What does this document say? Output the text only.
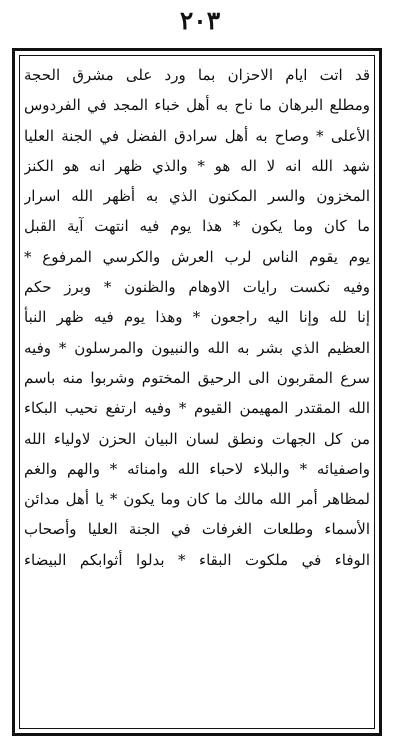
٢٠٣
قد اتت ايام الاحزان بما ورد على مشرق الحجة
ومطلع البرهان ما ناح به أهل خباء المجد في الفردوس
الأعلى * وصاح به أهل سرادق الفضل في الجنة العليا
شهد الله انه لا اله هو * والذي ظهر انه هو الكنز
المخزون والسر المكنون الذي به أظهر الله اسرار
ما كان وما يكون * هذا يوم فيه انتهت آية القبل
يوم يقوم الناس لرب العرش والكرسي المرفوع *
وفيه نكست رايات الاوهام والظنون * وبرز حكم
إنا لله وإنا اليه راجعون * وهذا يوم فيه ظهر النبأ
العظيم الذي بشر به الله والنبيون والمرسلون * وفيه
سرع المقربون الى الرحيق المختوم وشربوا منه باسم
الله المقتدر المهيمن القيوم * وفيه ارتفع نحيب البكاء
من كل الجهات ونطق لسان البيان الحزن لاولياء الله
واصفيائه * والبلاء لاحباء الله وامنائه * والهم والغم
لمظاهر أمر الله مالك ما كان وما يكون * يا أهل مدائن
الأسماء وطلعات الغرفات في الجنة العليا وأصحاب
الوفاء في ملكوت البقاء * بدلوا أثوابكم البيضاء
